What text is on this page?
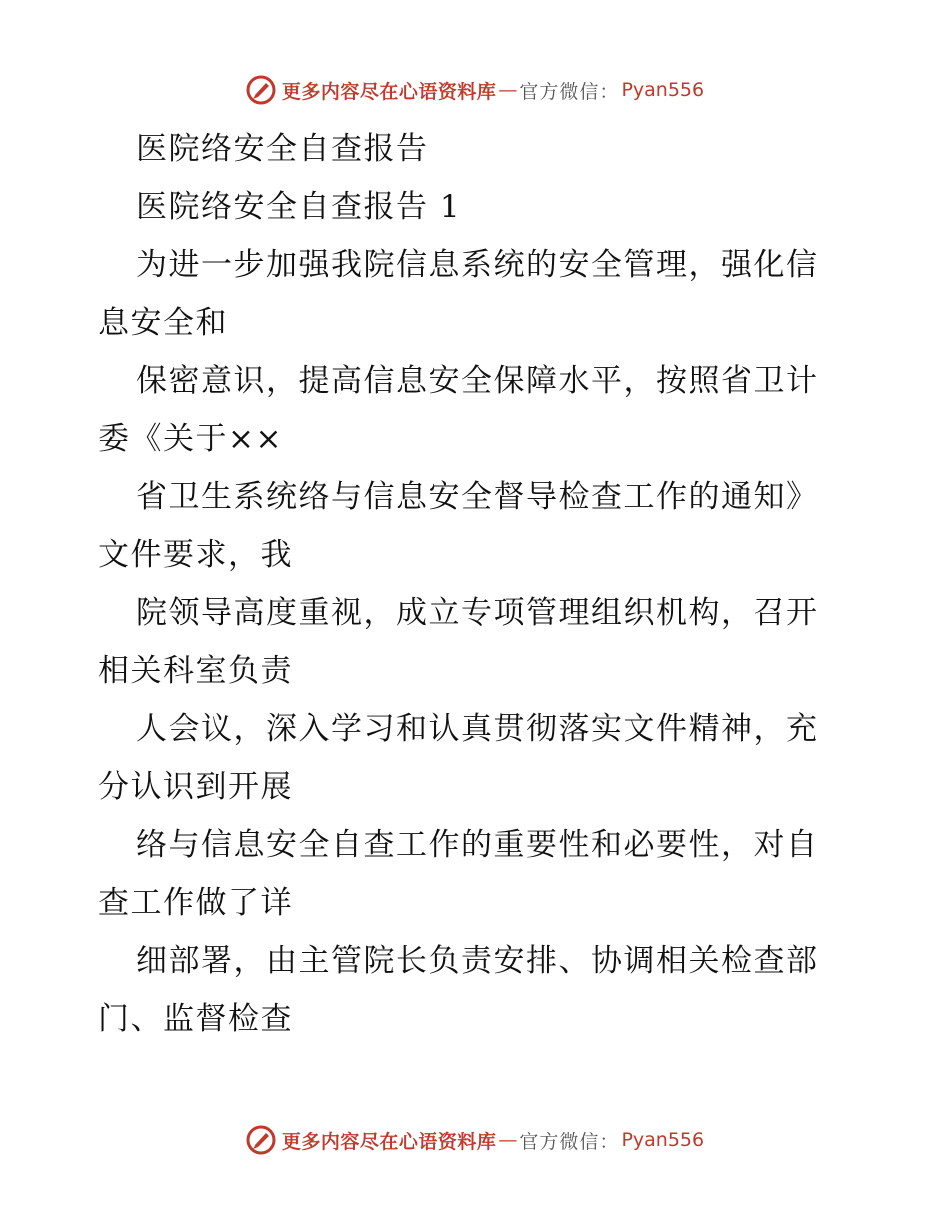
更多内容尽在心语资料库 — 官方微信： Pyan556
医院络安全自查报告
医院络安全自查报告 1
为进一步加强我院信息系统的安全管理，强化信
息安全和
保密意识，提高信息安全保障水平，按照省卫计
委《关于××
省卫生系统络与信息安全督导检查工作的通知》
文件要求，我
院领导高度重视，成立专项管理组织机构，召开
相关科室负责
人会议，深入学习和认真贯彻落实文件精神，充
分认识到开展
络与信息安全自查工作的重要性和必要性，对自
查工作做了详
细部署，由主管院长负责安排、协调相关检查部
门、监督检查
更多内容尽在心语资料库 — 官方微信： Pyan556
